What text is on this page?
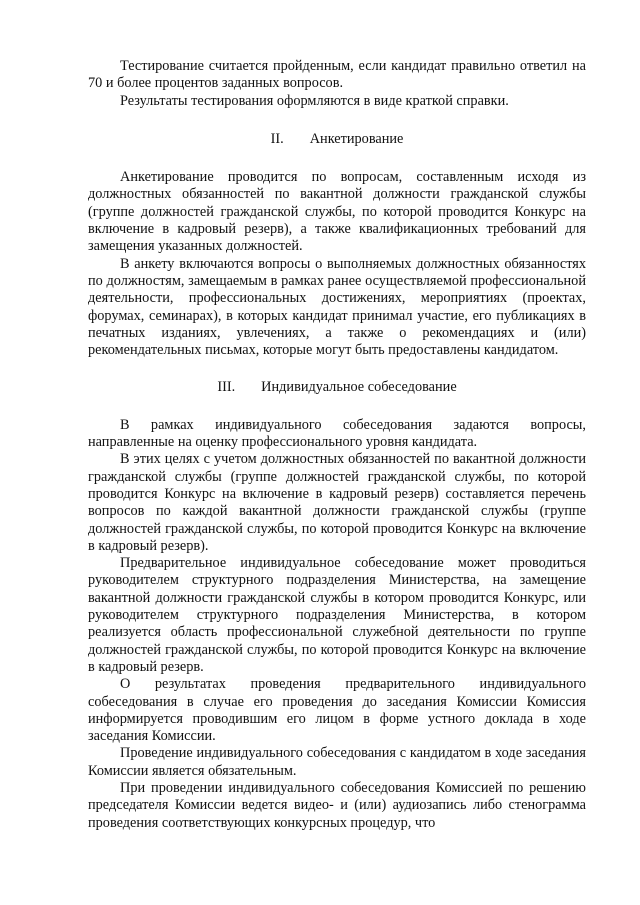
Тестирование считается пройденным, если кандидат правильно ответил на 70 и более процентов заданных вопросов.

Результаты тестирования оформляются в виде краткой справки.

II. Анкетирование

Анкетирование проводится по вопросам, составленным исходя из должностных обязанностей по вакантной должности гражданской службы (группе должностей гражданской службы, по которой проводится Конкурс на включение в кадровый резерв), а также квалификационных требований для замещения указанных должностей.

В анкету включаются вопросы о выполняемых должностных обязанностях по должностям, замещаемым в рамках ранее осуществляемой профессиональной деятельности, профессиональных достижениях, мероприятиях (проектах, форумах, семинарах), в которых кандидат принимал участие, его публикациях в печатных изданиях, увлечениях, а также о рекомендациях и (или) рекомендательных письмах, которые могут быть предоставлены кандидатом.

III. Индивидуальное собеседование

В рамках индивидуального собеседования задаются вопросы, направленные на оценку профессионального уровня кандидата.

В этих целях с учетом должностных обязанностей по вакантной должности гражданской службы (группе должностей гражданской службы, по которой проводится Конкурс на включение в кадровый резерв) составляется перечень вопросов по каждой вакантной должности гражданской службы (группе должностей гражданской службы, по которой проводится Конкурс на включение в кадровый резерв).

Предварительное индивидуальное собеседование может проводиться руководителем структурного подразделения Министерства, на замещение вакантной должности гражданской службы в котором проводится Конкурс, или руководителем структурного подразделения Министерства, в котором реализуется область профессиональной служебной деятельности по группе должностей гражданской службы, по которой проводится Конкурс на включение в кадровый резерв.

О результатах проведения предварительного индивидуального собеседования в случае его проведения до заседания Комиссии Комиссия информируется проводившим его лицом в форме устного доклада в ходе заседания Комиссии.

Проведение индивидуального собеседования с кандидатом в ходе заседания Комиссии является обязательным.

При проведении индивидуального собеседования Комиссией по решению председателя Комиссии ведется видео- и (или) аудиозапись либо стенограмма проведения соответствующих конкурсных процедур, что
